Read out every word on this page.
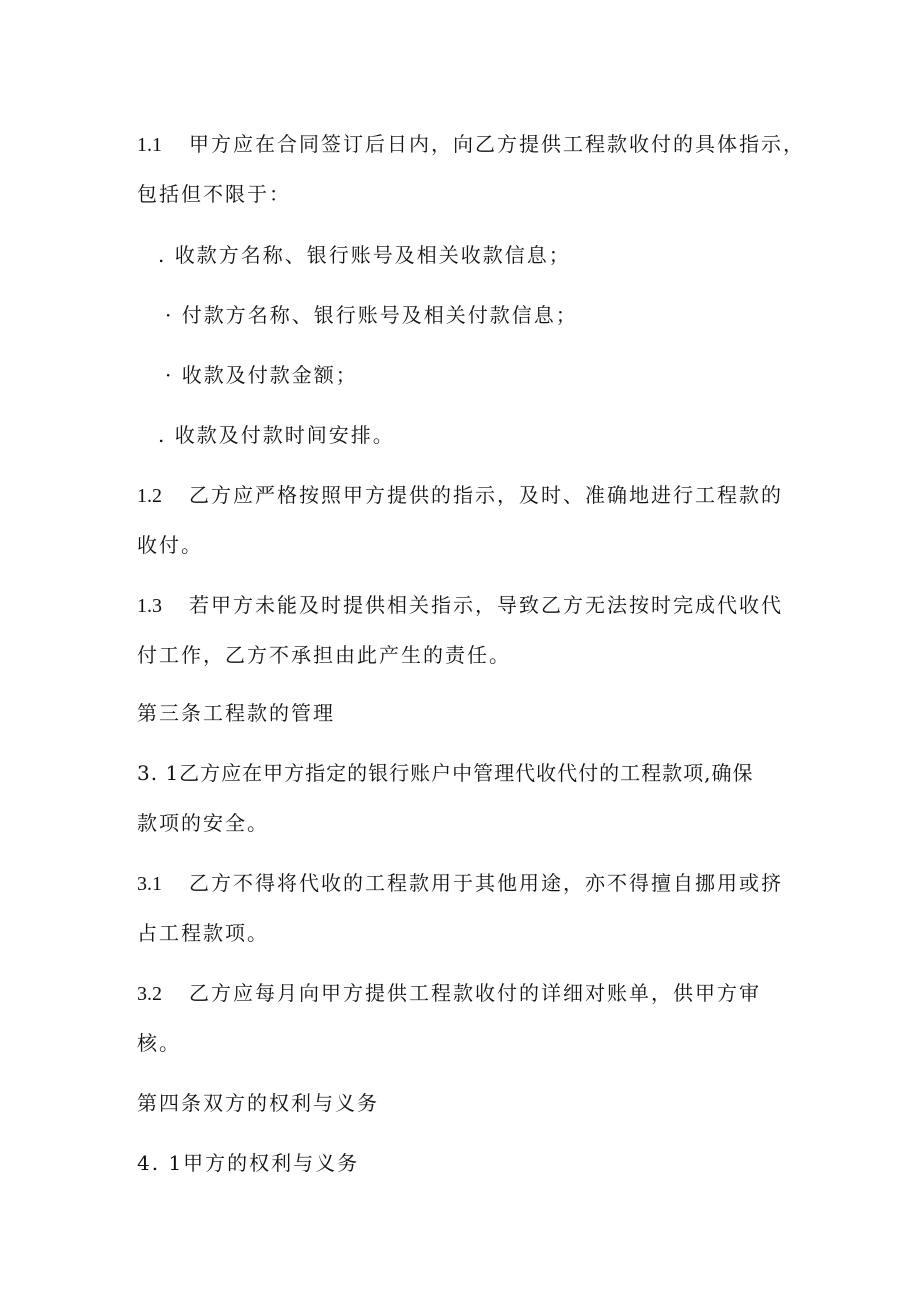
1.1 甲方应在合同签订后日内，向乙方提供工程款收付的具体指示，
包括但不限于：
. 收款方名称、银行账号及相关收款信息；
· 付款方名称、银行账号及相关付款信息；
· 收款及付款金额；
. 收款及付款时间安排。
1.2 乙方应严格按照甲方提供的指示，及时、准确地进行工程款的
收付。
1.3 若甲方未能及时提供相关指示，导致乙方无法按时完成代收代
付工作，乙方不承担由此产生的责任。
第三条工程款的管理
3. 1乙方应在甲方指定的银行账户中管理代收代付的工程款项,确保
款项的安全。
3.1 乙方不得将代收的工程款用于其他用途，亦不得擅自挪用或挤
占工程款项。
3.2 乙方应每月向甲方提供工程款收付的详细对账单，供甲方审
核。
第四条双方的权利与义务
4. 1甲方的权利与义务
